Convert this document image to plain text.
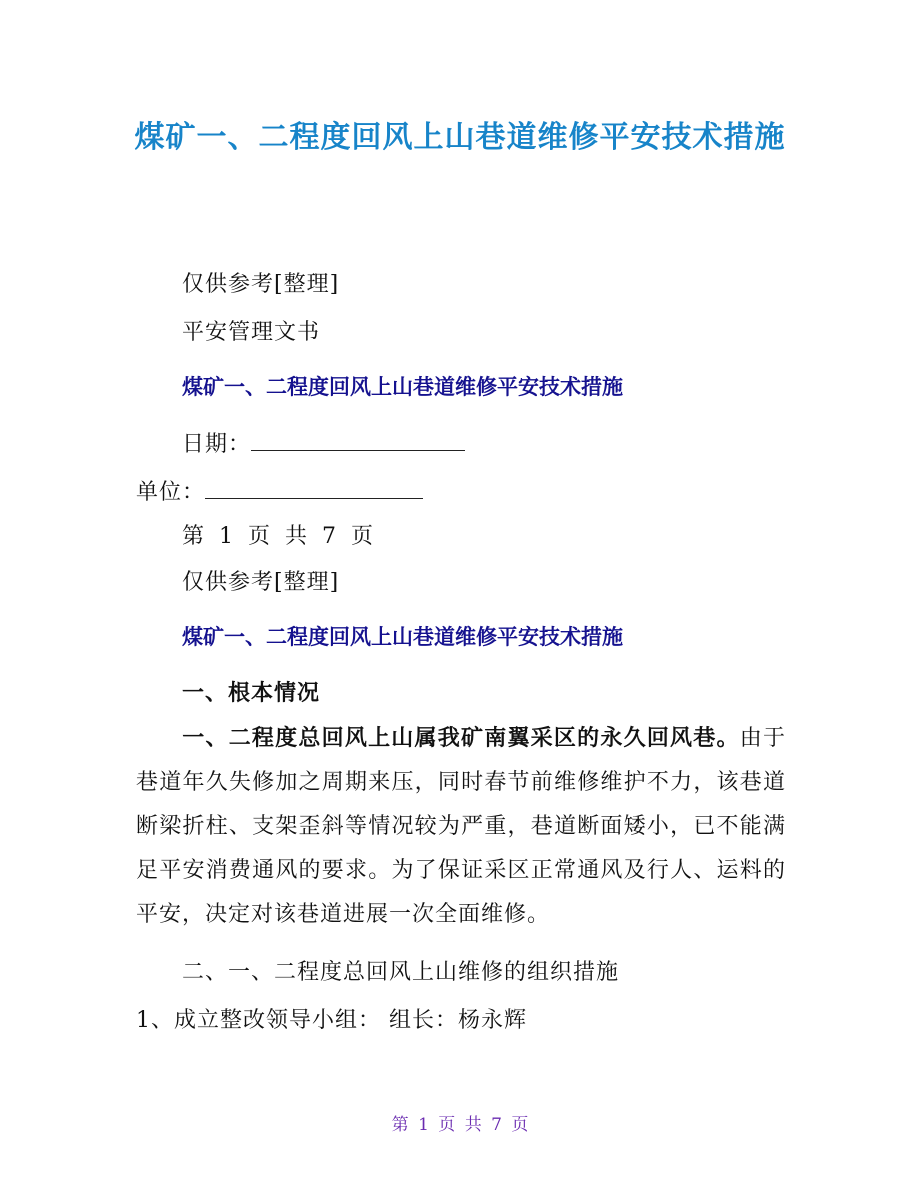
煤矿一、二程度回风上山巷道维修平安技术措施
仅供参考[整理]
平安管理文书
煤矿一、二程度回风上山巷道维修平安技术措施
日期：
单位：
第 1 页 共 7 页
仅供参考[整理]
煤矿一、二程度回风上山巷道维修平安技术措施
一、根本情况
一、二程度总回风上山属我矿南翼采区的永久回风巷。由于巷道年久失修加之周期来压，同时春节前维修维护不力，该巷道断梁折柱、支架歪斜等情况较为严重，巷道断面矮小，已不能满足平安消费通风的要求。为了保证采区正常通风及行人、运料的平安，决定对该巷道进展一次全面维修。
二、一、二程度总回风上山维修的组织措施
1、成立整改领导小组： 组长：杨永辉
第 1 页 共 7 页
